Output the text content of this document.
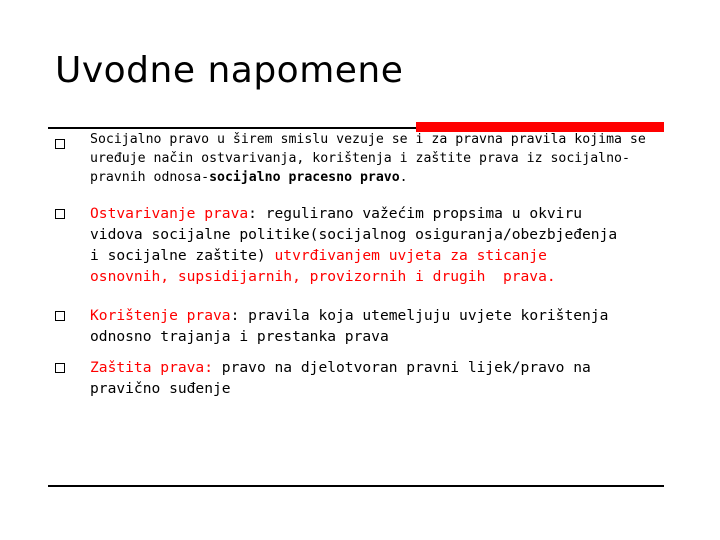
Uvodne napomene
Socijalno pravo u širem smislu vezuje se i za pravna pravila kojima se
uređuje način ostvarivanja, korištenja i zaštite prava iz socijalno-
pravnih odnosa-socijalno pracesno pravo.
Ostvarivanje prava: regulirano važećim propsima u okviru
vidova socijalne politike(socijalnog osiguranja/obezbjeđenja
i socijalne zaštite) utvrđivanjem uvjeta za sticanje
osnovnih, supsidijarnih, provizornih i drugih  prava.
Korištenje prava: pravila koja utemeljuju uvjete korištenja
odnosno trajanja i prestanka prava
Zaštita prava: pravo na djelotvoran pravni lijek/pravo na
pravično suđenje
